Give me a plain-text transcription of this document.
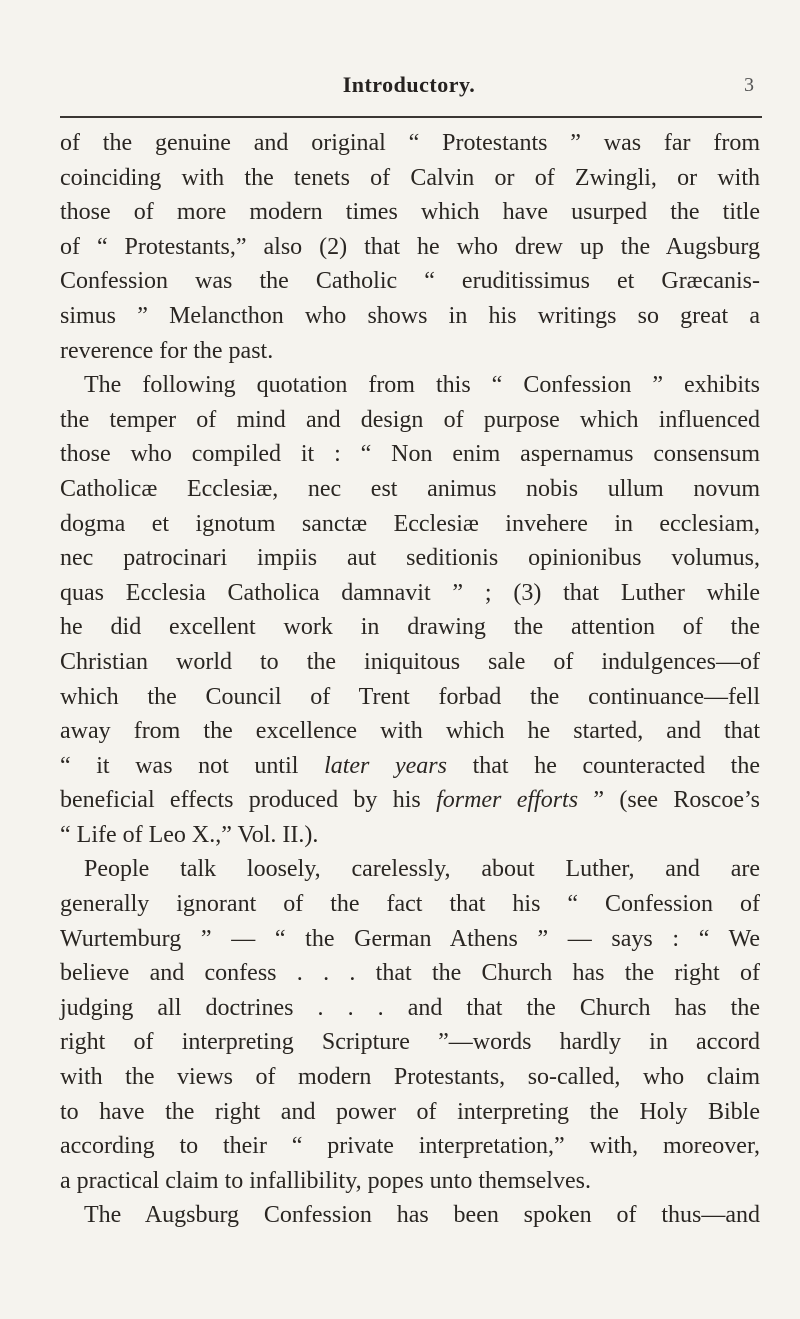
Introductory.	3
of the genuine and original “ Protestants ” was far from
coinciding with the tenets of Calvin or of Zwingli, or with
those of more modern times which have usurped the title
of “ Protestants,” also (2) that he who drew up the Augsburg
Confession was the Catholic “ eruditissimus et Græcanis-
simus ” Melancthon who shows in his writings so great a
reverence for the past.
The following quotation from this “ Confession ” exhibits
the temper of mind and design of purpose which influenced
those who compiled it : “ Non enim aspernamus consensum
Catholicæ Ecclesiæ, nec est animus nobis ullum novum
dogma et ignotum sanctæ Ecclesiæ invehere in ecclesiam,
nec patrocinari impiis aut seditionis opinionibus volumus,
quas Ecclesia Catholica damnavit ” ; (3) that Luther while
he did excellent work in drawing the attention of the
Christian world to the iniquitous sale of indulgences—of
which the Council of Trent forbad the continuance—fell
away from the excellence with which he started, and that
“ it was not until later years that he counteracted the
beneficial effects produced by his former efforts ” (see Roscoe’s
“ Life of Leo X.,” Vol. II.).
People talk loosely, carelessly, about Luther, and are
generally ignorant of the fact that his “ Confession of
Wurtemburg ” — “ the German Athens ” — says : “ We
believe and confess . . . that the Church has the right of
judging all doctrines . . . and that the Church has the
right of interpreting Scripture ”—words hardly in accord
with the views of modern Protestants, so-called, who claim
to have the right and power of interpreting the Holy Bible
according to their “ private interpretation,” with, moreover,
a practical claim to infallibility, popes unto themselves.
The Augsburg Confession has been spoken of thus—and
